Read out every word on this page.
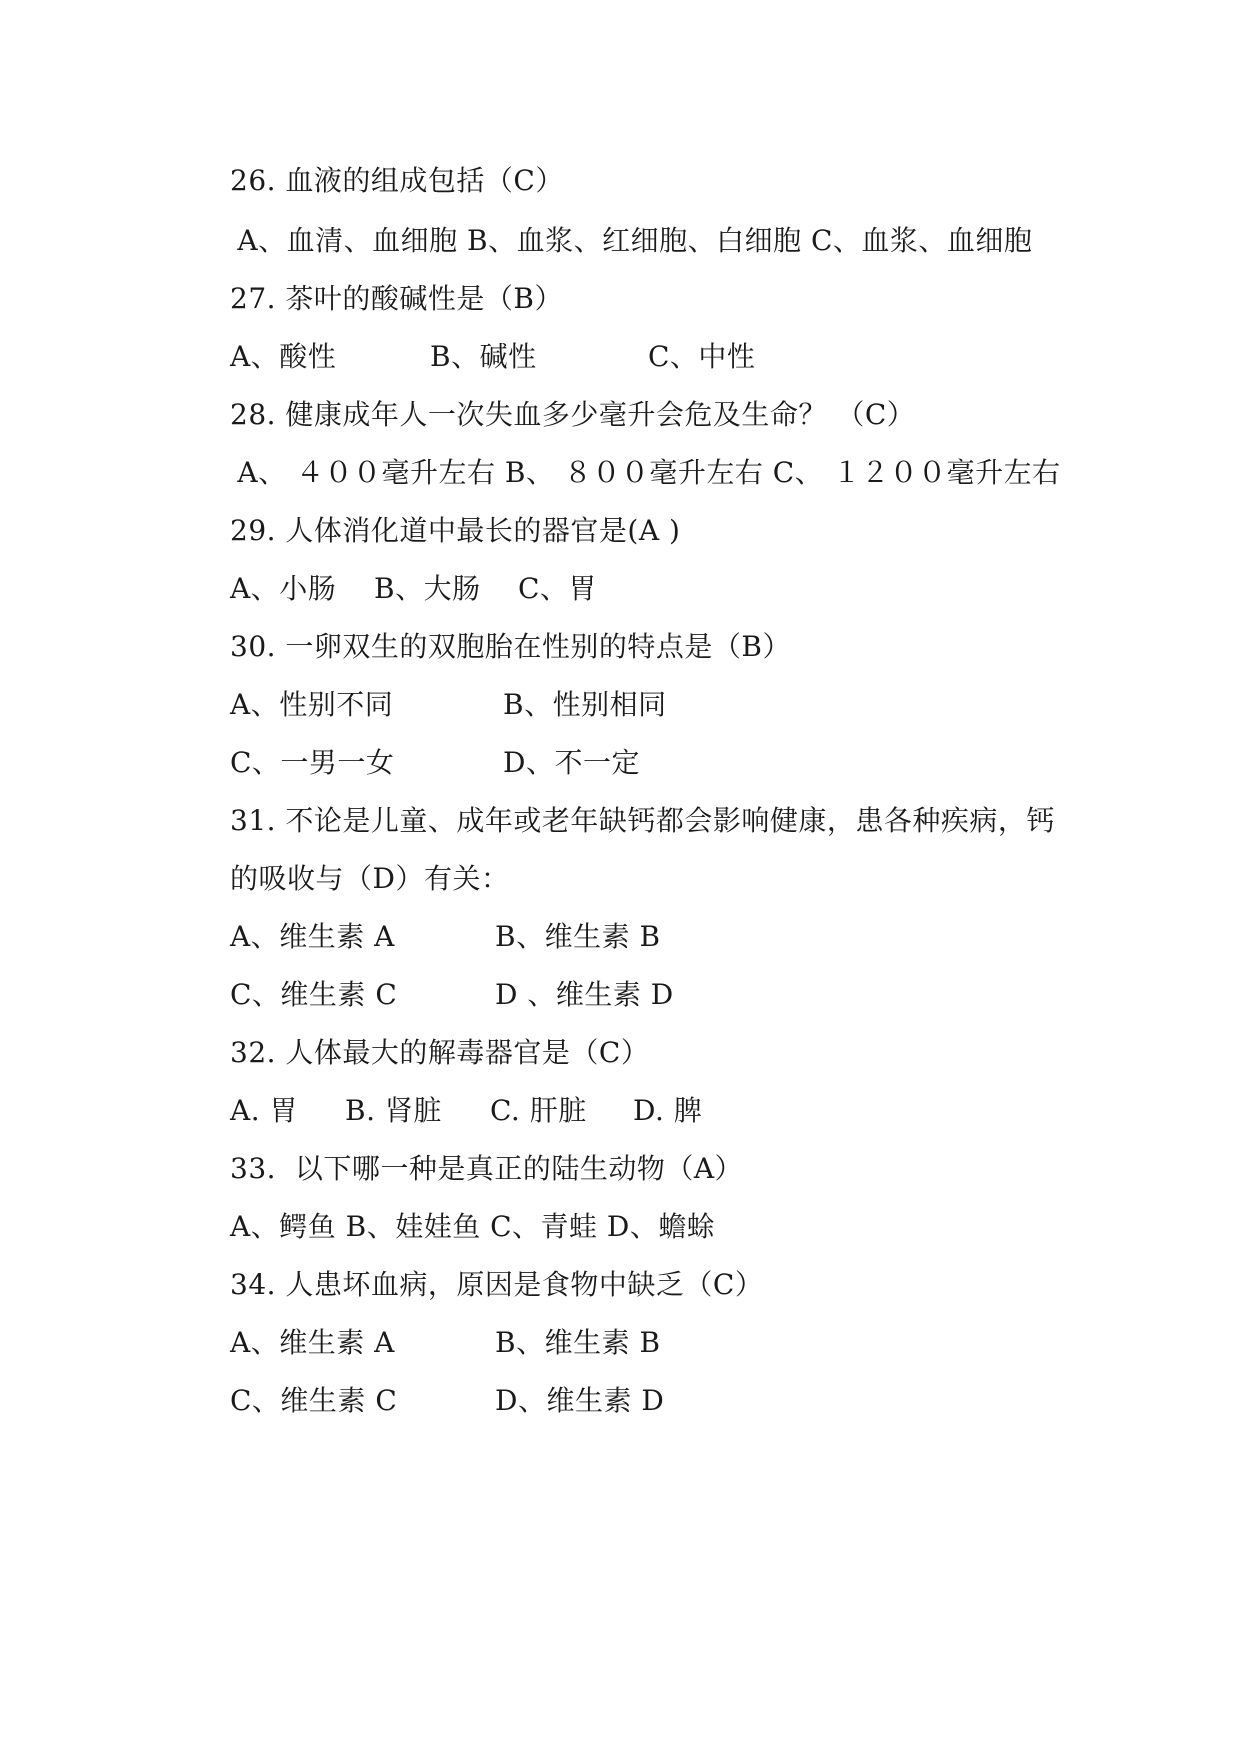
26. 血液的组成包括（C）
A、血清、血细胞 B、血浆、红细胞、白细胞 C、血浆、血细胞
27. 茶叶的酸碱性是（B）
A、酸性	B、碱性	C、中性
28. 健康成年人一次失血多少毫升会危及生命？ （C）
A、 ４００毫升左右 B、 ８００毫升左右 C、 １２００毫升左右
29. 人体消化道中最长的器官是(A )
A、小肠 B、大肠 C、胃
30. 一卵双生的双胞胎在性别的特点是（B）
A、性别不同	B、性别相同
C、一男一女	D、不一定
31. 不论是儿童、成年或老年缺钙都会影响健康，患各种疾病，钙
的吸收与（D）有关：
A、维生素 A	B、维生素 B
C、维生素 C	D 、维生素 D
32. 人体最大的解毒器官是（C）
A. 胃 B. 肾脏 C. 肝脏 D. 脾
33.  以下哪一种是真正的陆生动物（A）
A、鳄鱼 B、娃娃鱼 C、青蛙 D、蟾蜍
34. 人患坏血病，原因是食物中缺乏（C）
A、维生素 A	B、维生素 B
C、维生素 C	D、维生素 D
